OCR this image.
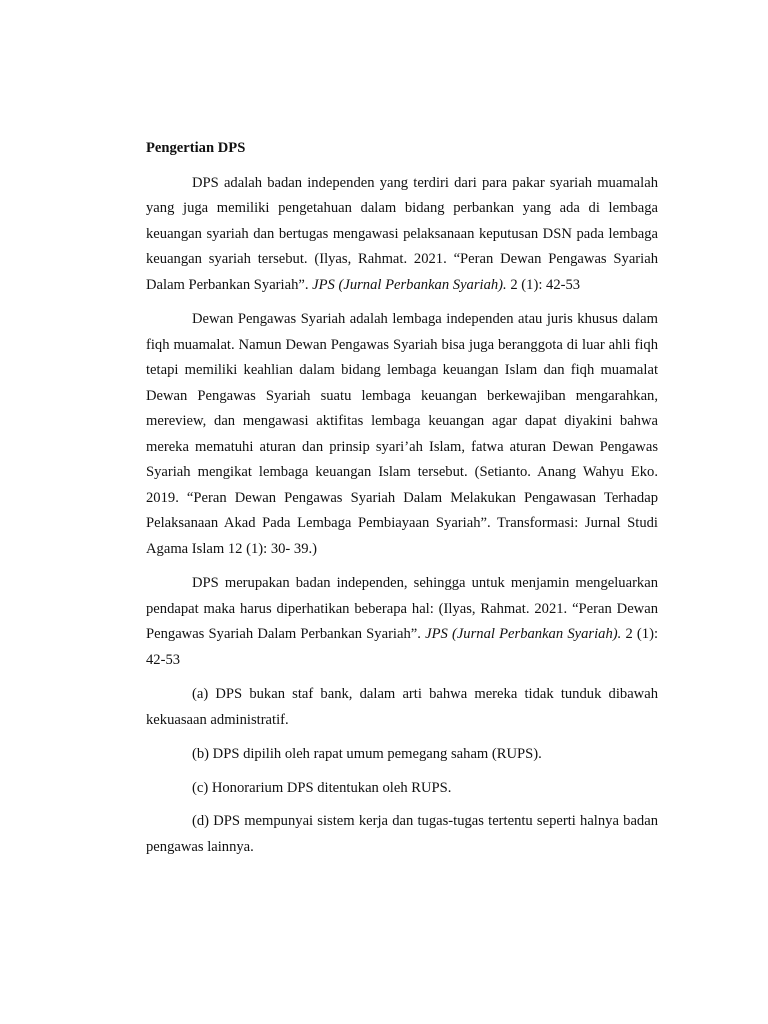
Pengertian DPS

DPS adalah badan independen yang terdiri dari para pakar syariah muamalah yang juga memiliki pengetahuan dalam bidang perbankan yang ada di lembaga keuangan syariah dan bertugas mengawasi pelaksanaan keputusan DSN pada lembaga keuangan syariah tersebut. (Ilyas, Rahmat. 2021. “Peran Dewan Pengawas Syariah Dalam Perbankan Syariah”. JPS (Jurnal Perbankan Syariah). 2 (1): 42-53

Dewan Pengawas Syariah adalah lembaga independen atau juris khusus dalam fiqh muamalat. Namun Dewan Pengawas Syariah bisa juga beranggota di luar ahli fiqh tetapi memiliki keahlian dalam bidang lembaga keuangan Islam dan fiqh muamalat Dewan Pengawas Syariah suatu lembaga keuangan berkewajiban mengarahkan, mereview, dan mengawasi aktifitas lembaga keuangan agar dapat diyakini bahwa mereka mematuhi aturan dan prinsip syari’ah Islam, fatwa aturan Dewan Pengawas Syariah mengikat lembaga keuangan Islam tersebut. (Setianto. Anang Wahyu Eko. 2019. “Peran Dewan Pengawas Syariah Dalam Melakukan Pengawasan Terhadap Pelaksanaan Akad Pada Lembaga Pembiayaan Syariah”. Transformasi: Jurnal Studi Agama Islam 12 (1): 30- 39.)

DPS merupakan badan independen, sehingga untuk menjamin mengeluarkan pendapat maka harus diperhatikan beberapa hal: (Ilyas, Rahmat. 2021. “Peran Dewan Pengawas Syariah Dalam Perbankan Syariah”. JPS (Jurnal Perbankan Syariah). 2 (1): 42-53

(a) DPS bukan staf bank, dalam arti bahwa mereka tidak tunduk dibawah kekuasaan administratif.

(b) DPS dipilih oleh rapat umum pemegang saham (RUPS).

(c) Honorarium DPS ditentukan oleh RUPS.

(d) DPS mempunyai sistem kerja dan tugas-tugas tertentu seperti halnya badan pengawas lainnya.
